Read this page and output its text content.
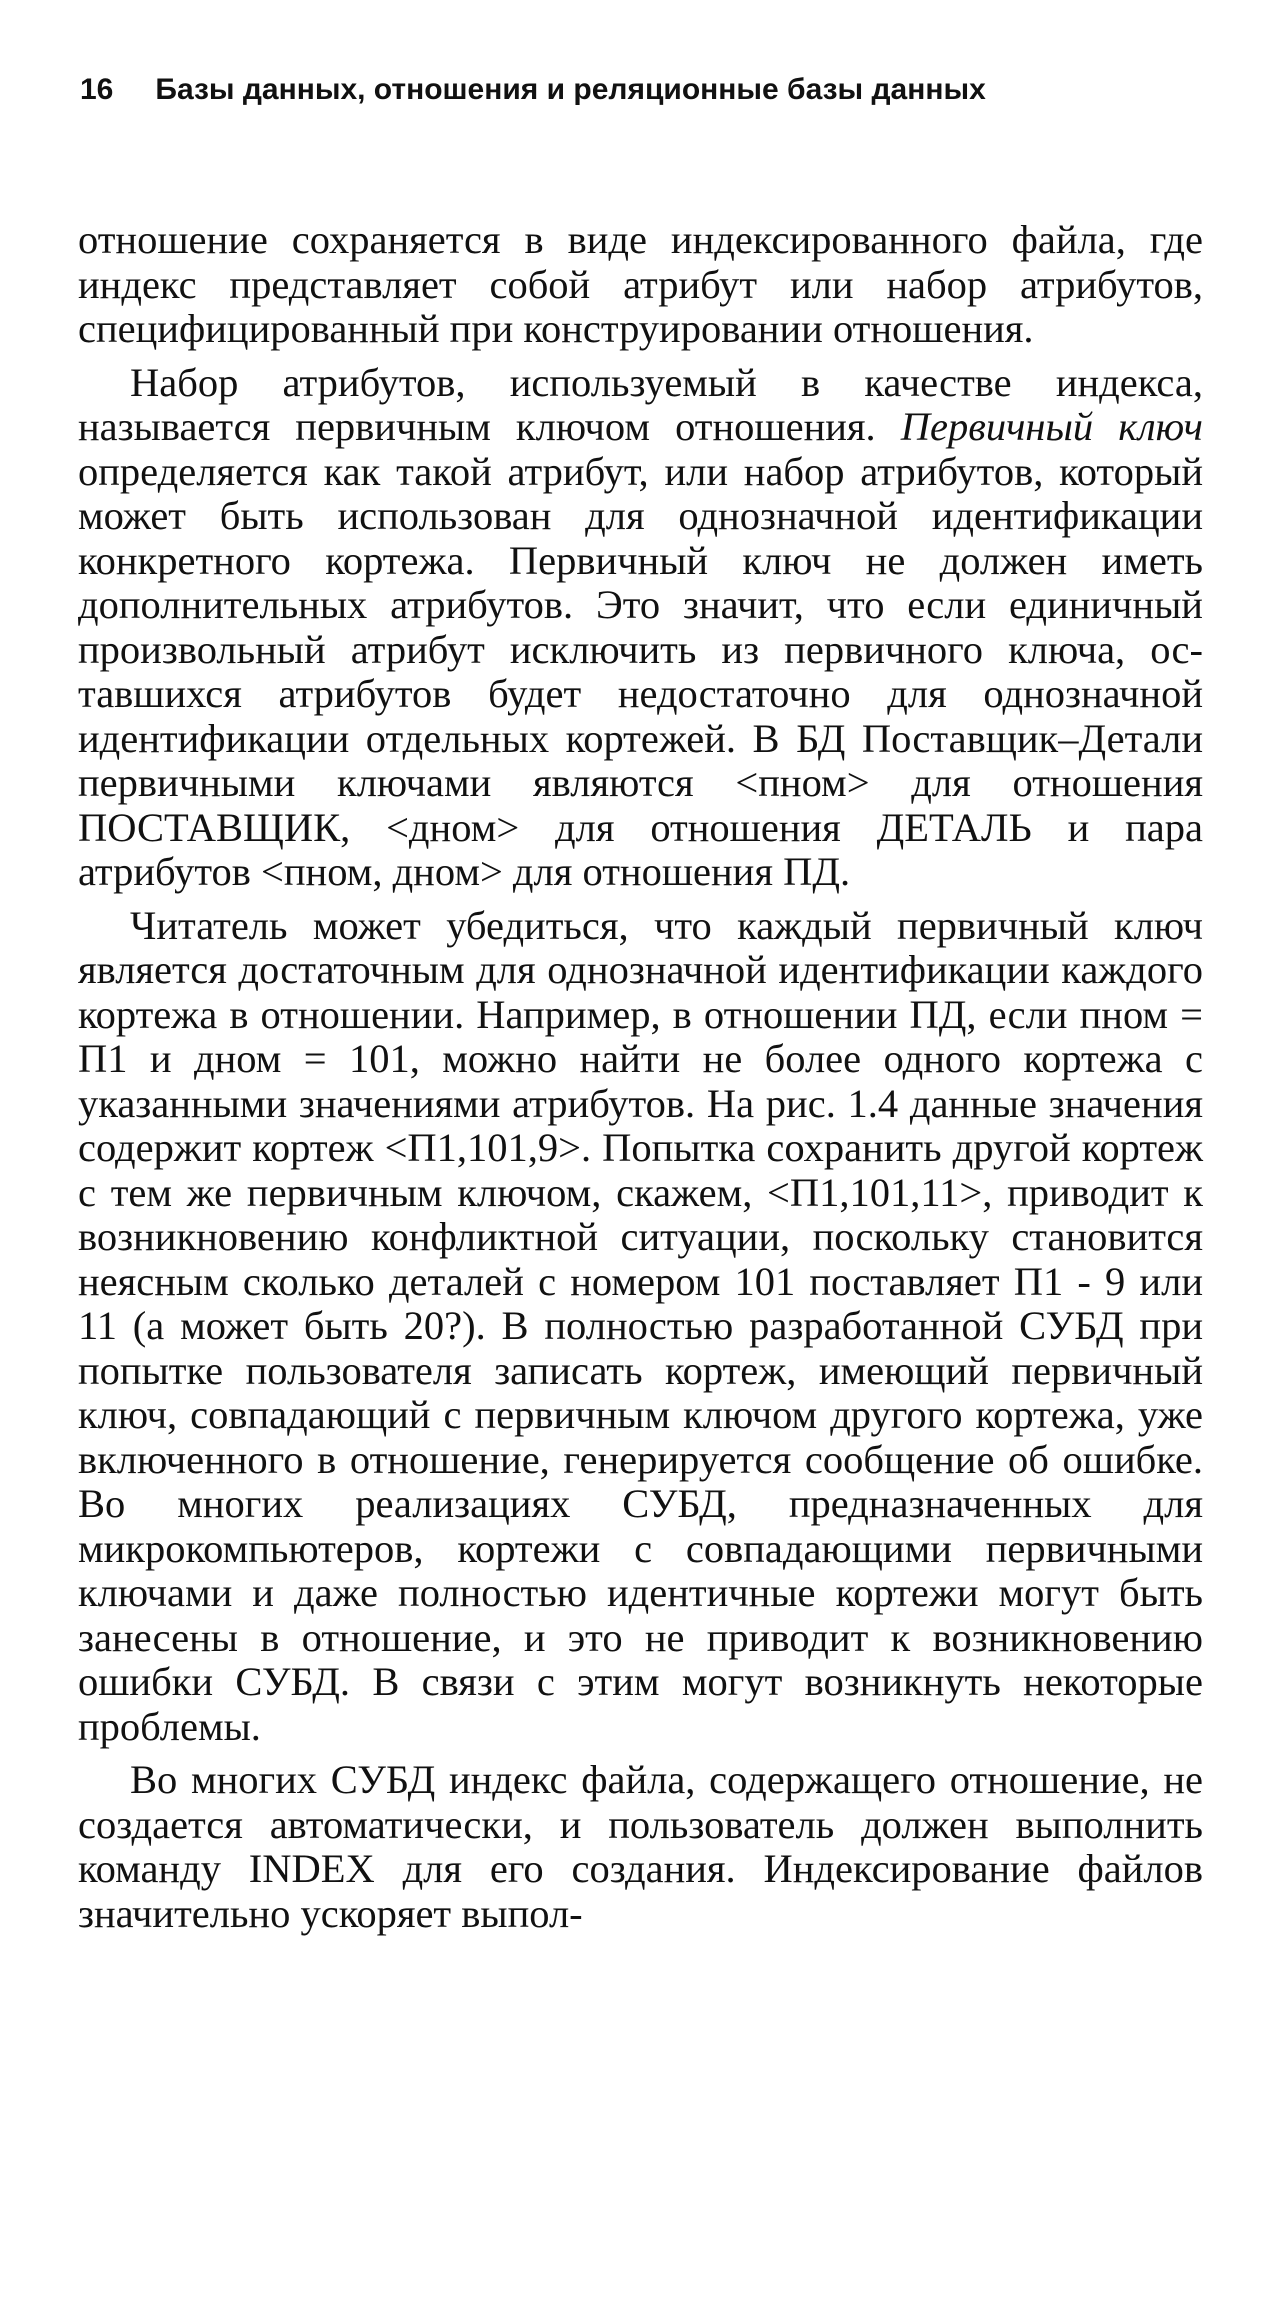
16 Базы данных, отношения и реляционные базы данных

отношение сохраняется в виде индексированного файла, где индекс представляет собой атрибут или набор атрибутов, специфицированный при конструировании отношения.

Набор атрибутов, используемый в качестве индекса, называется первичным ключом отношения. Первичный ключ определяется как такой атрибут, или набор атрибутов, который может быть использован для однозначной идентификации конкретного кортежа. Первичный ключ не должен иметь дополнительных атрибутов. Это значит, что если единичный произвольный атрибут исключить из первичного ключа, оставшихся атрибутов будет недостаточно для однозначной идентификации отдельных кортежей. В БД Поставщик–Детали первичными ключами являются <пном> для отношения ПОСТАВЩИК, <дном> для отношения ДЕТАЛЬ и пара атрибутов <пном, дном> для отношения ПД.

Читатель может убедиться, что каждый первичный ключ является достаточным для однозначной идентификации каждого кортежа в отношении. Например, в отношении ПД, если пном = П1 и дном = 101, можно найти не более одного кортежа с указанными значениями атрибутов. На рис. 1.4 данные значения содержит кортеж <П1,101,9>. Попытка сохранить другой кортеж с тем же первичным ключом, скажем, <П1,101,11>, приводит к возникновению конфликтной ситуации, поскольку становится неясным сколько деталей с номером 101 поставляет П1 - 9 или 11 (а может быть 20?). В полностью разработанной СУБД при попытке пользователя записать кортеж, имеющий первичный ключ, совпадающий с первичным ключом другого кортежа, уже включенного в отношение, генерируется сообщение об ошибке. Во многих реализациях СУБД, предназначенных для микрокомпьютеров, кортежи с совпадающими первичными ключами и даже полностью идентичные кортежи могут быть занесены в отношение, и это не приводит к возникновению ошибки СУБД. В связи с этим могут возникнуть некоторые проблемы.

Во многих СУБД индекс файла, содержащего отношение, не создается автоматически, и пользователь должен выполнить команду INDEX для его создания. Индексирование файлов значительно ускоряет выпол-
